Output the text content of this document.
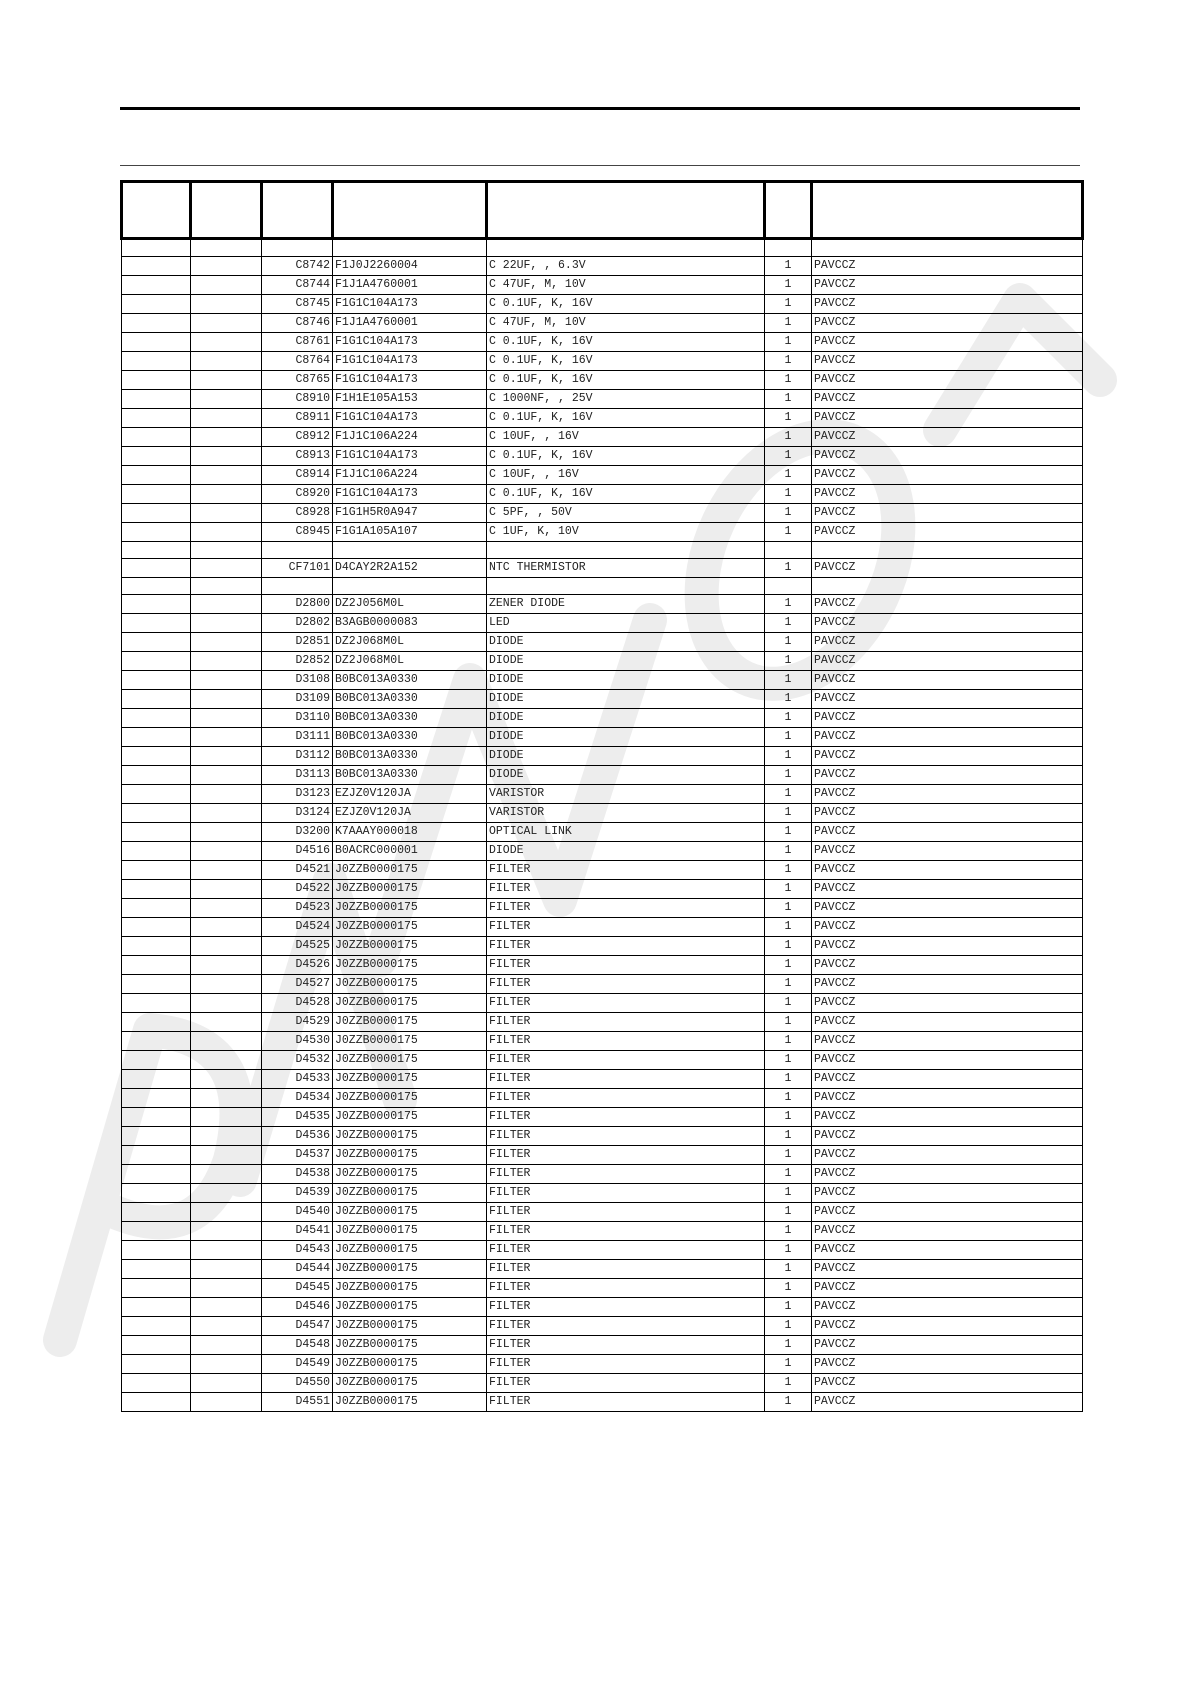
		C8742	F1J0J2260004	C 22UF, , 6.3V	1	PAVCCZ
		C8744	F1J1A4760001	C 47UF, M, 10V	1	PAVCCZ
		C8745	F1G1C104A173	C 0.1UF, K, 16V	1	PAVCCZ
		C8746	F1J1A4760001	C 47UF, M, 10V	1	PAVCCZ
		C8761	F1G1C104A173	C 0.1UF, K, 16V	1	PAVCCZ
		C8764	F1G1C104A173	C 0.1UF, K, 16V	1	PAVCCZ
		C8765	F1G1C104A173	C 0.1UF, K, 16V	1	PAVCCZ
		C8910	F1H1E105A153	C 1000NF, , 25V	1	PAVCCZ
		C8911	F1G1C104A173	C 0.1UF, K, 16V	1	PAVCCZ
		C8912	F1J1C106A224	C 10UF, , 16V	1	PAVCCZ
		C8913	F1G1C104A173	C 0.1UF, K, 16V	1	PAVCCZ
		C8914	F1J1C106A224	C 10UF, , 16V	1	PAVCCZ
		C8920	F1G1C104A173	C 0.1UF, K, 16V	1	PAVCCZ
		C8928	F1G1H5R0A947	C 5PF, , 50V	1	PAVCCZ
		C8945	F1G1A105A107	C 1UF, K, 10V	1	PAVCCZ

		CF7101	D4CAY2R2A152	NTC THERMISTOR	1	PAVCCZ

		D2800	DZ2J056M0L	ZENER DIODE	1	PAVCCZ
		D2802	B3AGB0000083	LED	1	PAVCCZ
		D2851	DZ2J068M0L	DIODE	1	PAVCCZ
		D2852	DZ2J068M0L	DIODE	1	PAVCCZ
		D3108	B0BC013A0330	DIODE	1	PAVCCZ
		D3109	B0BC013A0330	DIODE	1	PAVCCZ
		D3110	B0BC013A0330	DIODE	1	PAVCCZ
		D3111	B0BC013A0330	DIODE	1	PAVCCZ
		D3112	B0BC013A0330	DIODE	1	PAVCCZ
		D3113	B0BC013A0330	DIODE	1	PAVCCZ
		D3123	EZJZ0V120JA	VARISTOR	1	PAVCCZ
		D3124	EZJZ0V120JA	VARISTOR	1	PAVCCZ
		D3200	K7AAAY000018	OPTICAL LINK	1	PAVCCZ
		D4516	B0ACRC000001	DIODE	1	PAVCCZ
		D4521	J0ZZB0000175	FILTER	1	PAVCCZ
		D4522	J0ZZB0000175	FILTER	1	PAVCCZ
		D4523	J0ZZB0000175	FILTER	1	PAVCCZ
		D4524	J0ZZB0000175	FILTER	1	PAVCCZ
		D4525	J0ZZB0000175	FILTER	1	PAVCCZ
		D4526	J0ZZB0000175	FILTER	1	PAVCCZ
		D4527	J0ZZB0000175	FILTER	1	PAVCCZ
		D4528	J0ZZB0000175	FILTER	1	PAVCCZ
		D4529	J0ZZB0000175	FILTER	1	PAVCCZ
		D4530	J0ZZB0000175	FILTER	1	PAVCCZ
		D4532	J0ZZB0000175	FILTER	1	PAVCCZ
		D4533	J0ZZB0000175	FILTER	1	PAVCCZ
		D4534	J0ZZB0000175	FILTER	1	PAVCCZ
		D4535	J0ZZB0000175	FILTER	1	PAVCCZ
		D4536	J0ZZB0000175	FILTER	1	PAVCCZ
		D4537	J0ZZB0000175	FILTER	1	PAVCCZ
		D4538	J0ZZB0000175	FILTER	1	PAVCCZ
		D4539	J0ZZB0000175	FILTER	1	PAVCCZ
		D4540	J0ZZB0000175	FILTER	1	PAVCCZ
		D4541	J0ZZB0000175	FILTER	1	PAVCCZ
		D4543	J0ZZB0000175	FILTER	1	PAVCCZ
		D4544	J0ZZB0000175	FILTER	1	PAVCCZ
		D4545	J0ZZB0000175	FILTER	1	PAVCCZ
		D4546	J0ZZB0000175	FILTER	1	PAVCCZ
		D4547	J0ZZB0000175	FILTER	1	PAVCCZ
		D4548	J0ZZB0000175	FILTER	1	PAVCCZ
		D4549	J0ZZB0000175	FILTER	1	PAVCCZ
		D4550	J0ZZB0000175	FILTER	1	PAVCCZ
		D4551	J0ZZB0000175	FILTER	1	PAVCCZ
